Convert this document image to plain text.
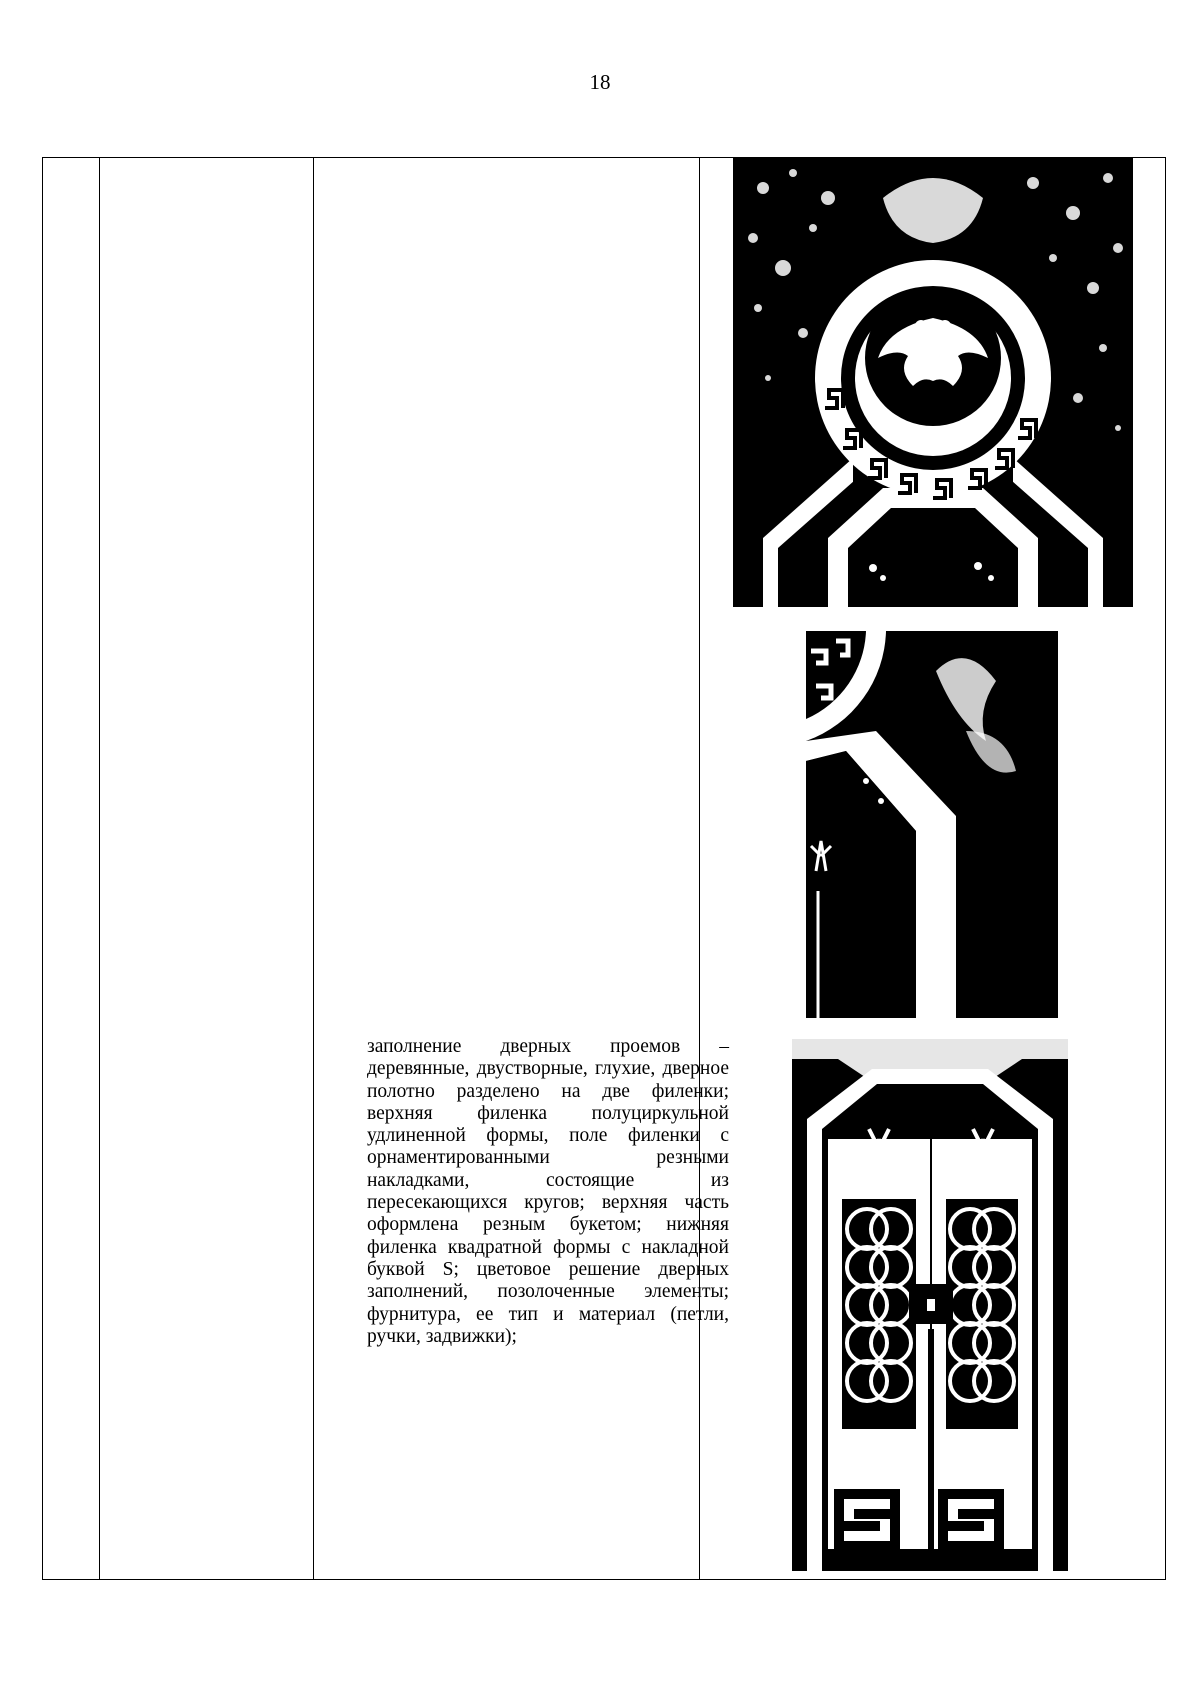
18
заполнение дверных проемов – деревянные, двустворные, глухие, дверное полотно разделено на две филенки; верхняя филенка полуциркульной удлиненной формы, поле филенки с орнаментированными резными накладками, состоящие из пересекающихся кругов; верхняя часть оформлена резным букетом; нижняя филенка квадратной формы с накладной буквой S; цветовое решение дверных заполнений, позолоченные элементы; фурнитура, ее тип и материал (петли, ручки, задвижки);
